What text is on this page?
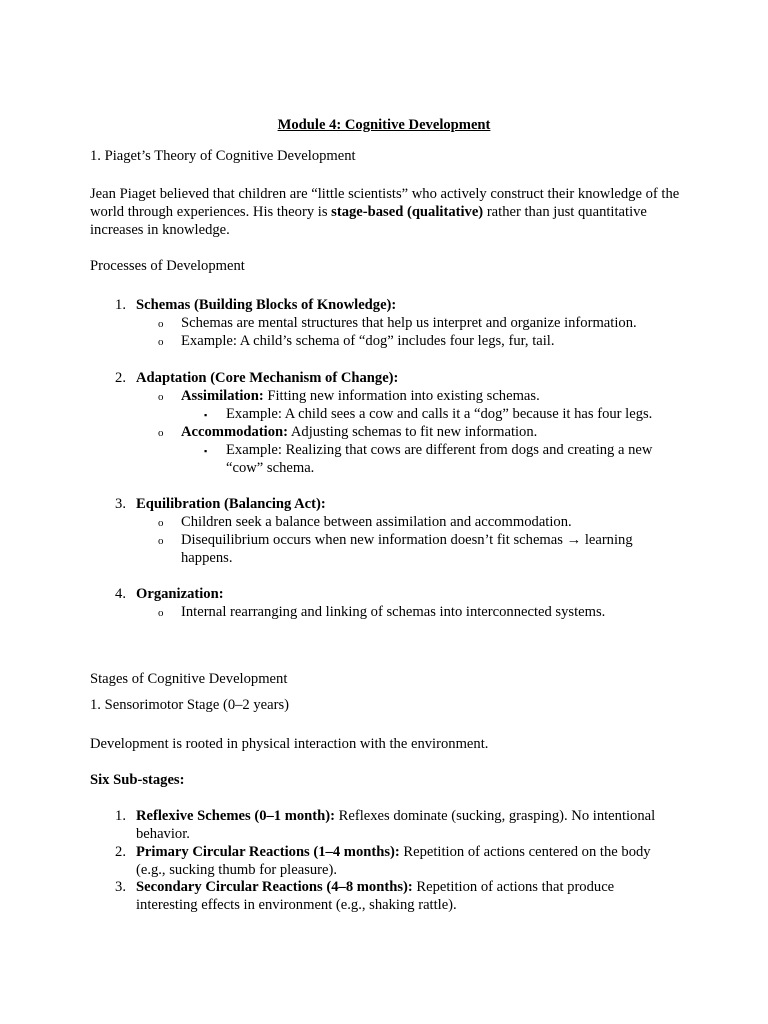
Module 4: Cognitive Development

1. Piaget’s Theory of Cognitive Development

Jean Piaget believed that children are “little scientists” who actively construct their knowledge of the world through experiences. His theory is stage-based (qualitative) rather than just quantitative increases in knowledge.

Processes of Development

1. Schemas (Building Blocks of Knowledge):
o	Schemas are mental structures that help us interpret and organize information.
o	Example: A child’s schema of “dog” includes four legs, fur, tail.
2. Adaptation (Core Mechanism of Change):
o	Assimilation: Fitting new information into existing schemas.
▪	Example: A child sees a cow and calls it a “dog” because it has four legs.
o	Accommodation: Adjusting schemas to fit new information.
▪	Example: Realizing that cows are different from dogs and creating a new “cow” schema.
3. Equilibration (Balancing Act):
o	Children seek a balance between assimilation and accommodation.
o	Disequilibrium occurs when new information doesn’t fit schemas → learning happens.
4. Organization:
o	Internal rearranging and linking of schemas into interconnected systems.

Stages of Cognitive Development

1. Sensorimotor Stage (0–2 years)

Development is rooted in physical interaction with the environment.

Six Sub-stages:
1. Reflexive Schemes (0–1 month): Reflexes dominate (sucking, grasping). No intentional behavior.
2. Primary Circular Reactions (1–4 months): Repetition of actions centered on the body (e.g., sucking thumb for pleasure).
3. Secondary Circular Reactions (4–8 months): Repetition of actions that produce interesting effects in environment (e.g., shaking rattle).
